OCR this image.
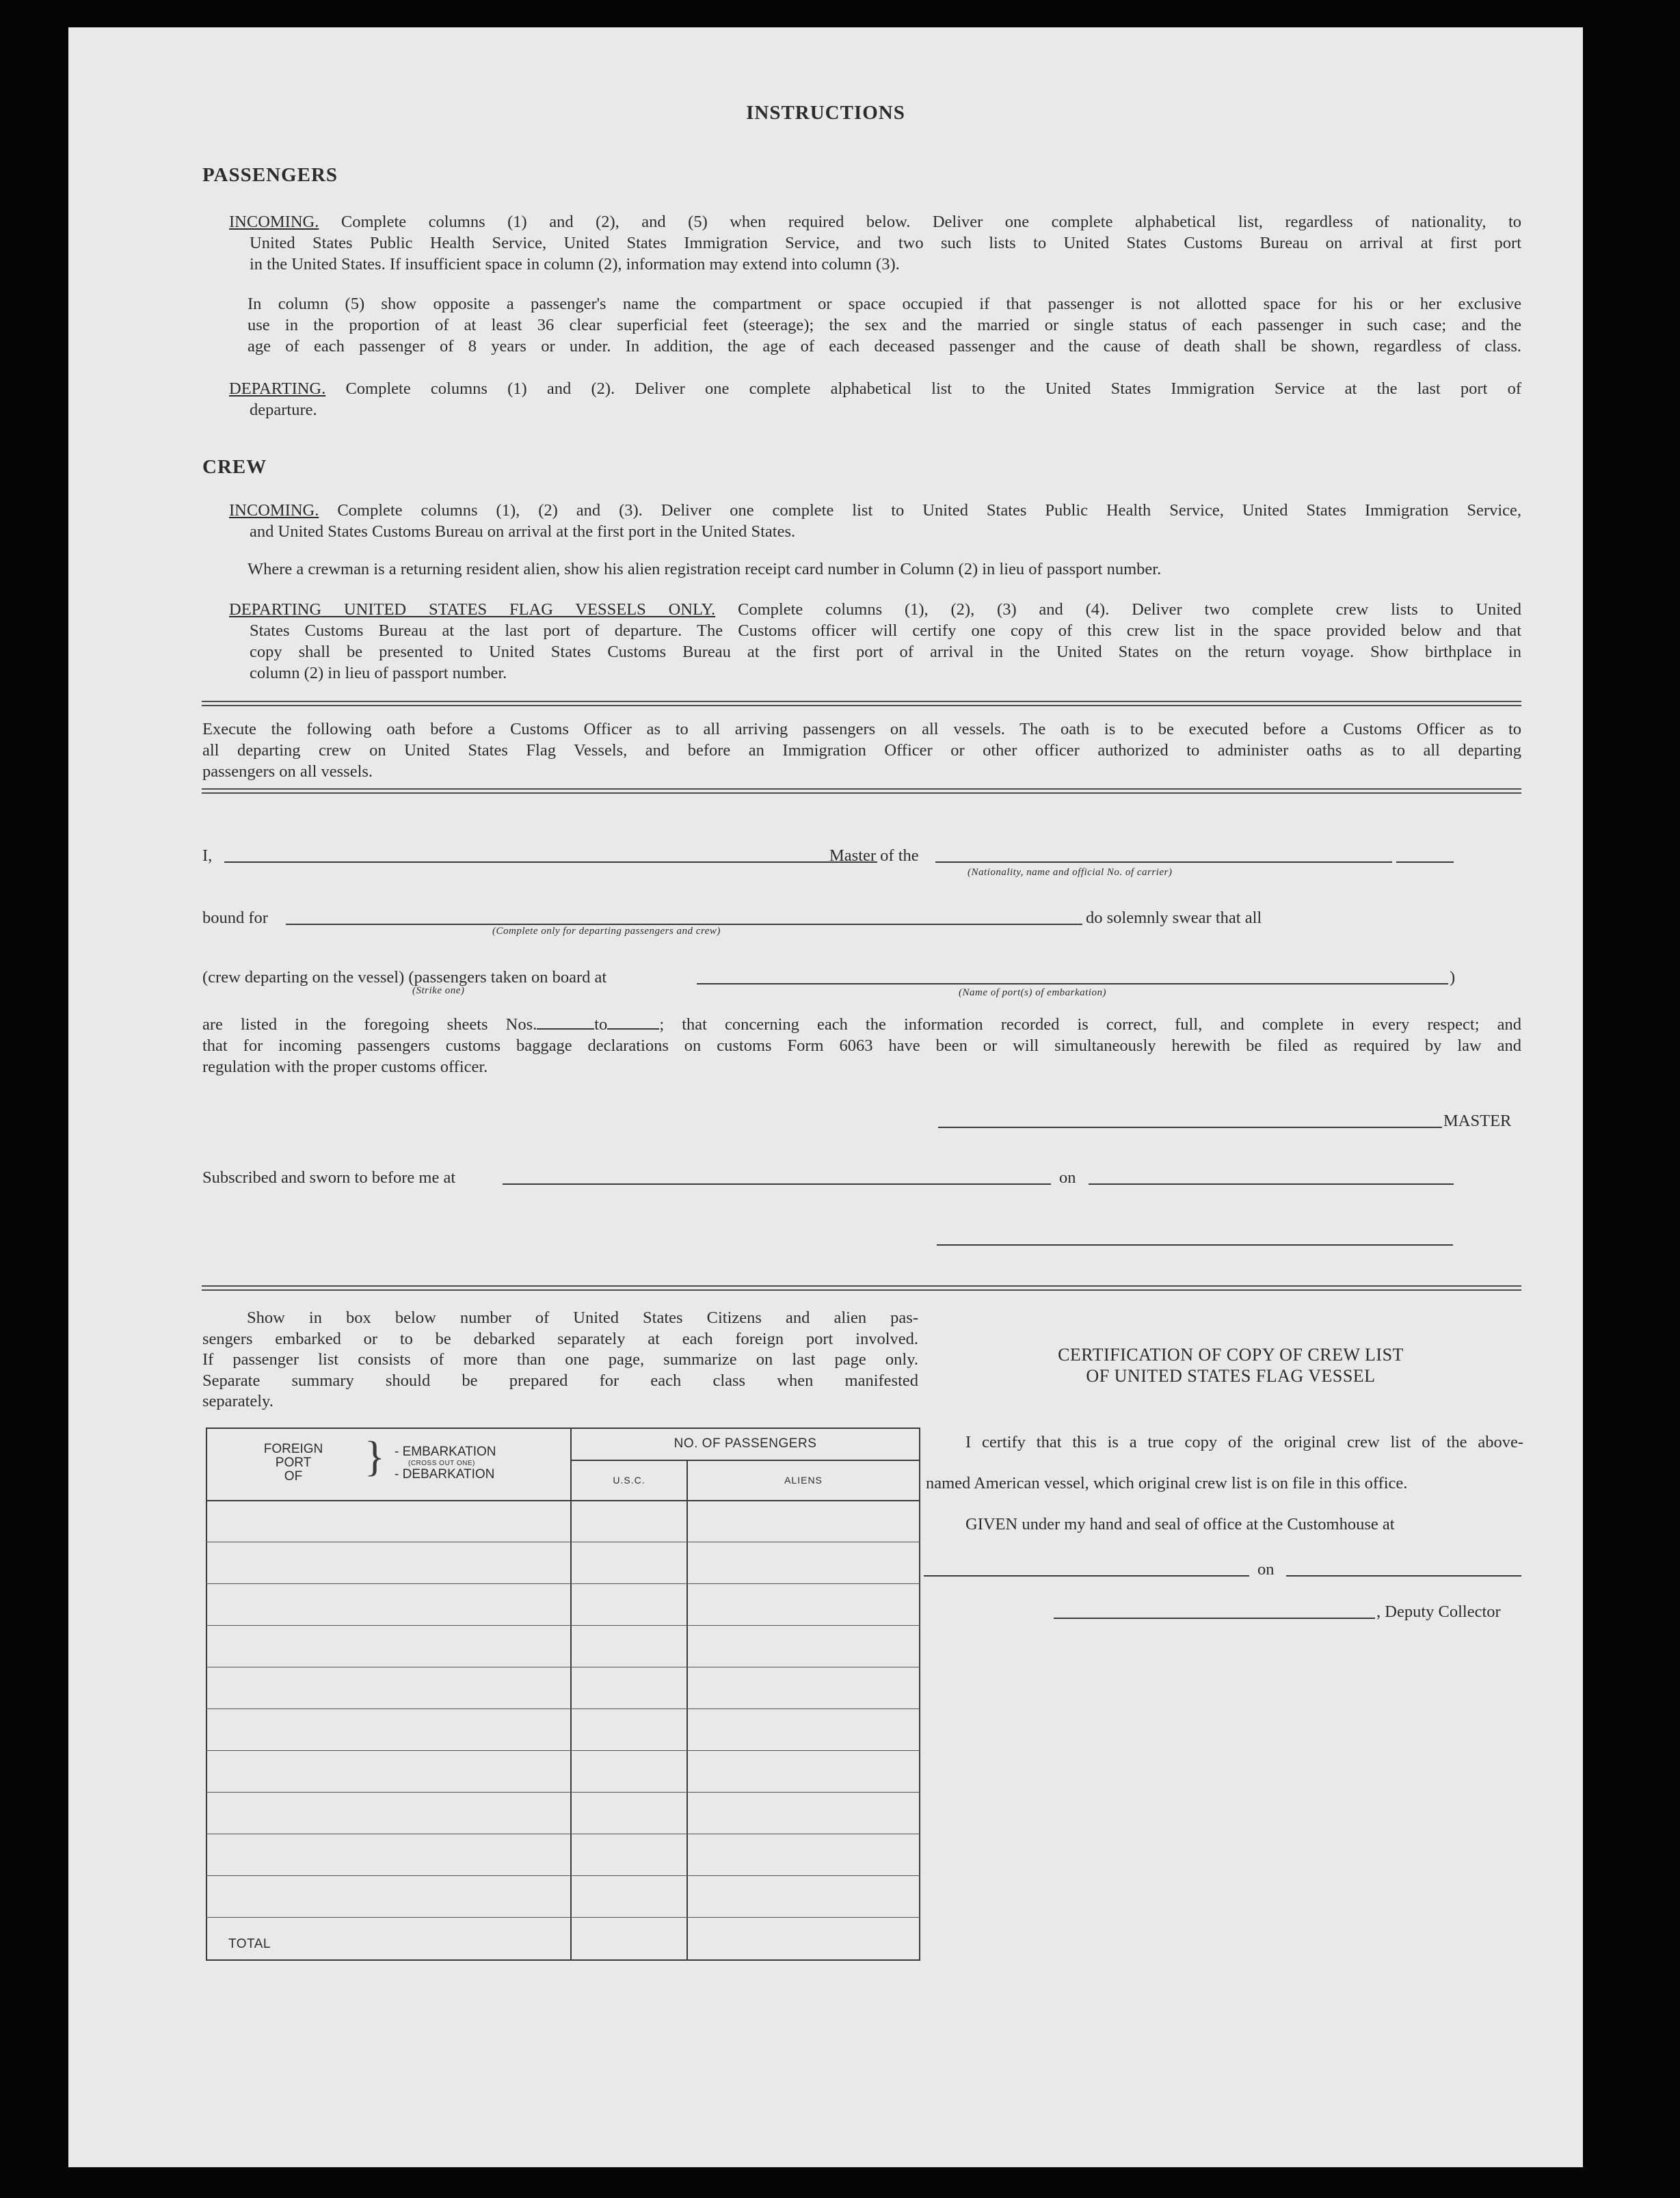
INSTRUCTIONS
PASSENGERS
INCOMING. Complete columns (1) and (2), and (5) when required below. Deliver one complete alphabetical list, regardless of nationality, to
United States Public Health Service, United States Immigration Service, and two such lists to United States Customs Bureau on arrival at first port
in the United States. If insufficient space in column (2), information may extend into column (3).
In column (5) show opposite a passenger's name the compartment or space occupied if that passenger is not allotted space for his or her exclusive
use in the proportion of at least 36 clear superficial feet (steerage); the sex and the married or single status of each passenger in such case; and the
age of each passenger of 8 years or under. In addition, the age of each deceased passenger and the cause of death shall be shown, regardless of class.
DEPARTING. Complete columns (1) and (2). Deliver one complete alphabetical list to the United States Immigration Service at the last port of
departure.
CREW
INCOMING. Complete columns (1), (2) and (3). Deliver one complete list to United States Public Health Service, United States Immigration Service,
and United States Customs Bureau on arrival at the first port in the United States.
Where a crewman is a returning resident alien, show his alien registration receipt card number in Column (2) in lieu of passport number.
DEPARTING UNITED STATES FLAG VESSELS ONLY. Complete columns (1), (2), (3) and (4). Deliver two complete crew lists to United
States Customs Bureau at the last port of departure. The Customs officer will certify one copy of this crew list in the space provided below and that
copy shall be presented to United States Customs Bureau at the first port of arrival in the United States on the return voyage. Show birthplace in
column (2) in lieu of passport number.
Execute the following oath before a Customs Officer as to all arriving passengers on all vessels. The oath is to be executed before a Customs Officer as to
all departing crew on United States Flag Vessels, and before an Immigration Officer or other officer authorized to administer oaths as to all departing
passengers on all vessels.
I,	Master of the
(Nationality, name and official No. of carrier)
bound for	do solemnly swear that all
(Complete only for departing passengers and crew)
(crew departing on the vessel) (passengers taken on board at	)
(Strike one)	(Name of port(s) of embarkation)
are listed in the foregoing sheets Nos.	to	; that concerning each the information recorded is correct, full, and complete in every respect; and
that for incoming passengers customs baggage declarations on customs Form 6063 have been or will simultaneously herewith be filed as required by law and
regulation with the proper customs officer.
MASTER
Subscribed and sworn to before me at	on
Show in box below number of United States Citizens and alien pas-
sengers embarked or to be debarked separately at each foreign port involved.
If passenger list consists of more than one page, summarize on last page only.
Separate summary should be prepared for each class when manifested
separately.
FOREIGN
PORT
OF	} - EMBARKATION
(CROSS OUT ONE)
- DEBARKATION
NO. OF PASSENGERS
U.S.C.	ALIENS
TOTAL
CERTIFICATION OF COPY OF CREW LIST
OF UNITED STATES FLAG VESSEL
I certify that this is a true copy of the original crew list of the above-
named American vessel, which original crew list is on file in this office.
GIVEN under my hand and seal of office at the Customhouse at
on
, Deputy Collector
